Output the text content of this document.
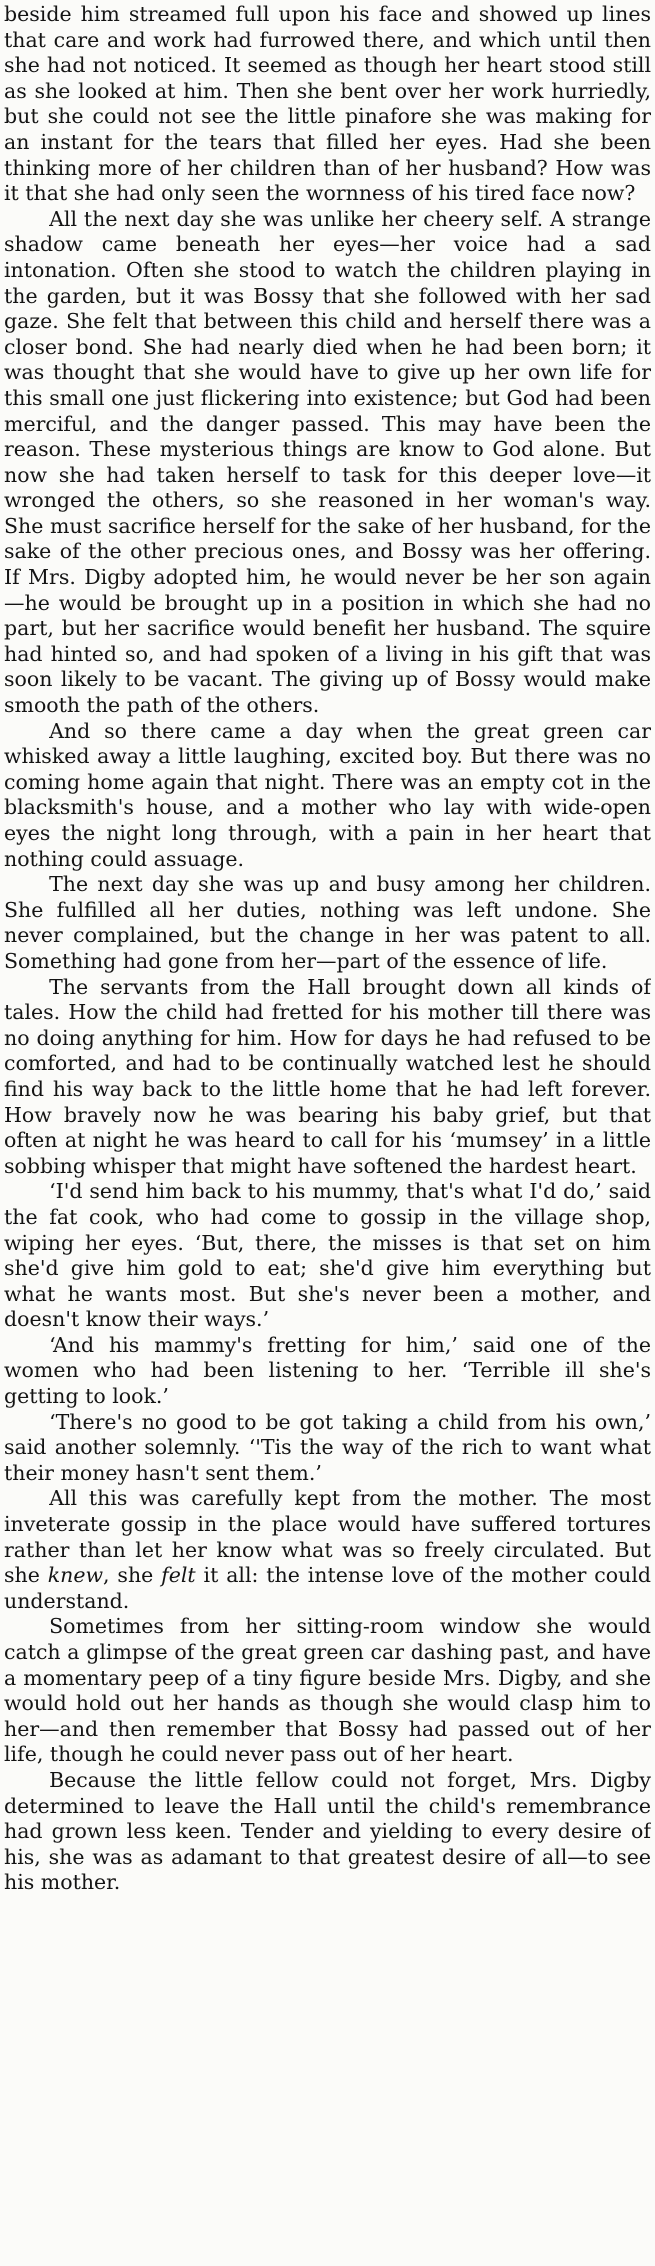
beside him streamed full upon his face and showed up lines that care and work had furrowed there, and which until then she had not noticed. It seemed as though her heart stood still as she looked at him. Then she bent over her work hurriedly, but she could not see the little pinafore she was making for an instant for the tears that filled her eyes. Had she been thinking more of her children than of her husband? How was it that she had only seen the wornness of his tired face now?

All the next day she was unlike her cheery self. A strange shadow came beneath her eyes—her voice had a sad intonation. Often she stood to watch the children playing in the garden, but it was Bossy that she followed with her sad gaze. She felt that between this child and herself there was a closer bond. She had nearly died when he had been born; it was thought that she would have to give up her own life for this small one just flickering into existence; but God had been merciful, and the danger passed. This may have been the reason. These mysterious things are know to God alone. But now she had taken herself to task for this deeper love—it wronged the others, so she reasoned in her woman's way. She must sacrifice herself for the sake of her husband, for the sake of the other precious ones, and Bossy was her offering. If Mrs. Digby adopted him, he would never be her son again —he would be brought up in a position in which she had no part, but her sacrifice would benefit her husband. The squire had hinted so, and had spoken of a living in his gift that was soon likely to be vacant. The giving up of Bossy would make smooth the path of the others.

And so there came a day when the great green car whisked away a little laughing, excited boy. But there was no coming home again that night. There was an empty cot in the blacksmith's house, and a mother who lay with wide-open eyes the night long through, with a pain in her heart that nothing could assuage.

The next day she was up and busy among her children. She fulfilled all her duties, nothing was left undone. She never complained, but the change in her was patent to all. Something had gone from her—part of the essence of life.

The servants from the Hall brought down all kinds of tales. How the child had fretted for his mother till there was no doing anything for him. How for days he had refused to be comforted, and had to be continually watched lest he should find his way back to the little home that he had left forever. How bravely now he was bearing his baby grief, but that often at night he was heard to call for his ‘mumsey’ in a little sobbing whisper that might have softened the hardest heart.

‘I'd send him back to his mummy, that's what I'd do,’ said the fat cook, who had come to gossip in the village shop, wiping her eyes. ‘But, there, the misses is that set on him she'd give him gold to eat; she'd give him everything but what he wants most. But she's never been a mother, and doesn't know their ways.’

‘And his mammy's fretting for him,’ said one of the women who had been listening to her. ‘Terrible ill she's getting to look.’

‘There's no good to be got taking a child from his own,’ said another solemnly. ‘'Tis the way of the rich to want what their money hasn't sent them.’

All this was carefully kept from the mother. The most inveterate gossip in the place would have suffered tortures rather than let her know what was so freely circulated. But she knew, she felt it all: the intense love of the mother could understand.

Sometimes from her sitting-room window she would catch a glimpse of the great green car dashing past, and have a momentary peep of a tiny figure beside Mrs. Digby, and she would hold out her hands as though she would clasp him to her—and then remember that Bossy had passed out of her life, though he could never pass out of her heart.

Because the little fellow could not forget, Mrs. Digby determined to leave the Hall until the child's remembrance had grown less keen. Tender and yielding to every desire of his, she was as adamant to that greatest desire of all—to see his mother.
